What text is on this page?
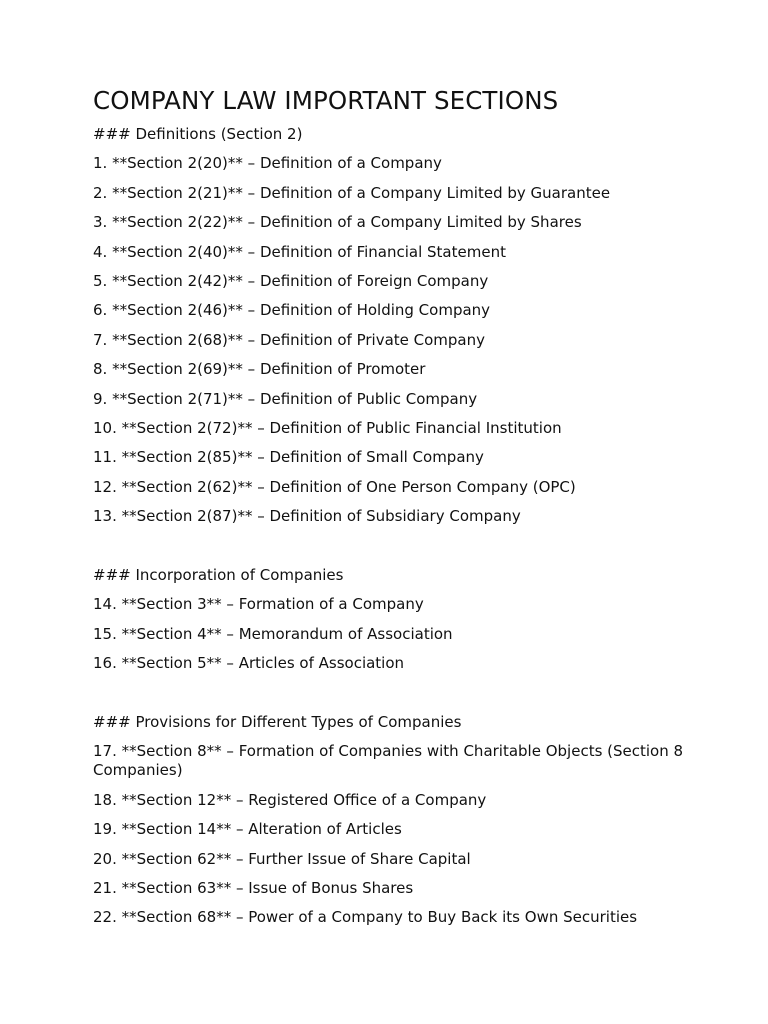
COMPANY LAW IMPORTANT SECTIONS
### Definitions (Section 2)
1. **Section 2(20)** – Definition of a Company
2. **Section 2(21)** – Definition of a Company Limited by Guarantee
3. **Section 2(22)** – Definition of a Company Limited by Shares
4. **Section 2(40)** – Definition of Financial Statement
5. **Section 2(42)** – Definition of Foreign Company
6. **Section 2(46)** – Definition of Holding Company
7. **Section 2(68)** – Definition of Private Company
8. **Section 2(69)** – Definition of Promoter
9. **Section 2(71)** – Definition of Public Company
10. **Section 2(72)** – Definition of Public Financial Institution
11. **Section 2(85)** – Definition of Small Company
12. **Section 2(62)** – Definition of One Person Company (OPC)
13. **Section 2(87)** – Definition of Subsidiary Company
### Incorporation of Companies
14. **Section 3** – Formation of a Company
15. **Section 4** – Memorandum of Association
16. **Section 5** – Articles of Association
### Provisions for Different Types of Companies
17. **Section 8** – Formation of Companies with Charitable Objects (Section 8 Companies)
18. **Section 12** – Registered Office of a Company
19. **Section 14** – Alteration of Articles
20. **Section 62** – Further Issue of Share Capital
21. **Section 63** – Issue of Bonus Shares
22. **Section 68** – Power of a Company to Buy Back its Own Securities
